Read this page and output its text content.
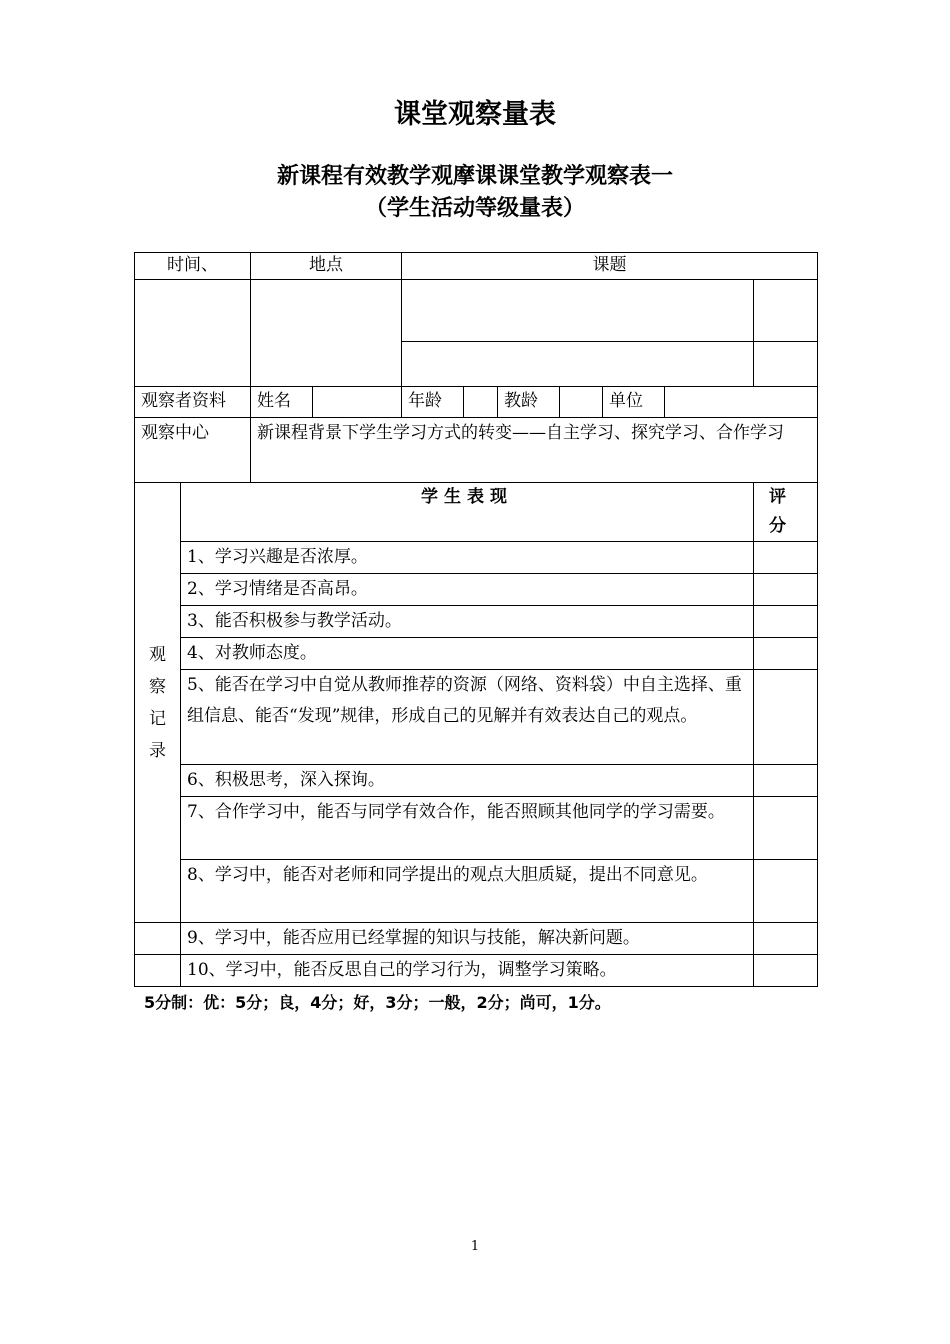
课堂观察量表
新课程有效教学观摩课课堂教学观察表一
（学生活动等级量表）
时间、		地点		课题						

观察者资料		姓名		年龄		教龄		单位		
观察中心		新课程背景下学生学习方式的转变——自主学习、探究学习、合作学习								
观
察
记
录	学生表现									评 分
	1、学习兴趣是否浓厚。									
	2、学习情绪是否高昂。									
	3、能否积极参与教学活动。									
	4、对教师态度。									
	5、能否在学习中自觉从教师推荐的资源（网络、资料袋）中自主选择、重组信息、能否“发现”规律，形成自己的见解并有效表达自己的观点。									
	6、积极思考，深入探询。									
	7、合作学习中，能否与同学有效合作，能否照顾其他同学的学习需要。									
	8、学习中，能否对老师和同学提出的观点大胆质疑，提出不同意见。									
	9、学习中，能否应用已经掌握的知识与技能，解决新问题。									
	10、学习中，能否反思自己的学习行为，调整学习策略。									
5分制：优：5分；良，4分；好，3分；一般，2分；尚可，1分。
1
